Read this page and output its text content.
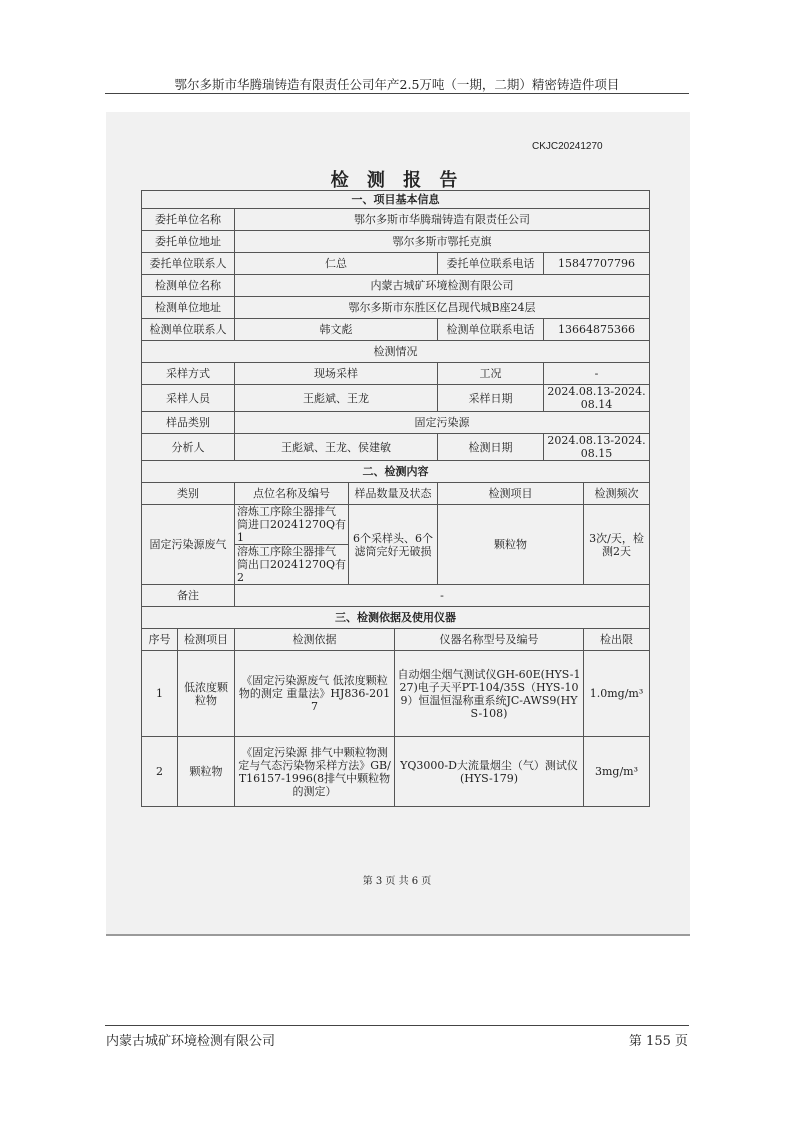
鄂尔多斯市华腾瑞铸造有限责任公司年产2.5万吨（一期，二期）精密铸造件项目
CKJC20241270
检 测 报 告
一、项目基本信息							
委托单位名称		鄂尔多斯市华腾瑞铸造有限责任公司					
委托单位地址		鄂尔多斯市鄂托克旗					
委托单位联系人		仁总			委托单位联系电话	15847707796	
检测单位名称		内蒙古城矿环境检测有限公司					
检测单位地址		鄂尔多斯市东胜区亿昌现代城B座24层					
检测单位联系人		韩文彪			检测单位联系电话	13664875366	
检测情况							
采样方式		现场采样			工况	-	
采样人员		王彪斌、王龙			采样日期	2024.08.13-2024.08.14	
样品类别		固定污染源					
分析人		王彪斌、王龙、侯建敏			检测日期	2024.08.13-2024.08.15	
二、检测内容							
类别		点位名称及编号	样品数量及状态		检测项目		检测频次
固定污染源废气		溶炼工序除尘器排气筒进口20241270Q有1	6个采样头、6个滤筒完好无破损		颗粒物		3次/天，检测2天
		溶炼工序除尘器排气筒出口20241270Q有2					
备注		-					
三、检测依据及使用仪器							
序号	检测项目	检测依据		仪器名称型号及编号			检出限
1	低浓度颗粒物	《固定污染源废气 低浓度颗粒物的测定 重量法》HJ836-2017		自动烟尘烟气测试仪GH-60E(HYS-127)电子天平PT-104/35S（HYS-109）恒温恒湿称重系统JC-AWS9(HYS-108)			1.0mg/m³
2	颗粒物	《固定污染源 排气中颗粒物测定与气态污染物采样方法》GB/T16157-1996(8排气中颗粒物的测定）		YQ3000-D大流量烟尘（气）测试仪(HYS-179)			3mg/m³
第 3 页 共 6 页
内蒙古城矿环境检测有限公司	第 155 页
